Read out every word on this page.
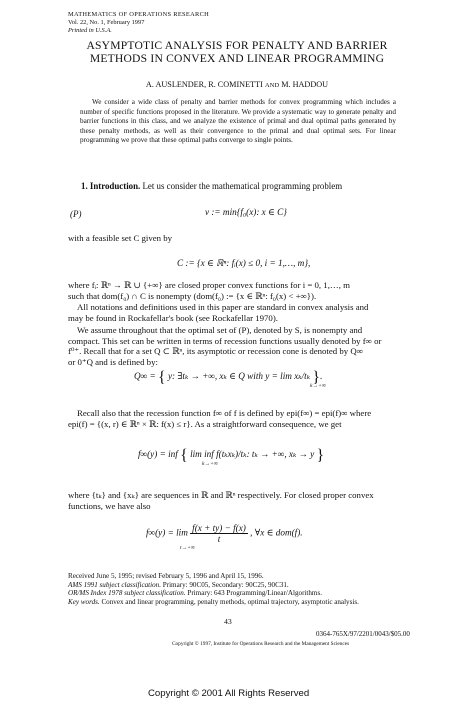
MATHEMATICS OF OPERATIONS RESEARCH
Vol. 22, No. 1, February 1997
Printed in U.S.A.
ASYMPTOTIC ANALYSIS FOR PENALTY AND BARRIER
METHODS IN CONVEX AND LINEAR PROGRAMMING
A. AUSLENDER, R. COMINETTI AND M. HADDOU
We consider a wide class of penalty and barrier methods for convex programming which includes a number of specific functions proposed in the literature. We provide a systematic way to generate penalty and barrier functions in this class, and we analyze the existence of primal and dual optimal paths generated by these penalty methods, as well as their convergence to the primal and dual optimal sets. For linear programming we prove that these optimal paths converge to single points.
1. Introduction. Let us consider the mathematical programming problem
(P)	v := min{f₀(x): x ∈ C}
with a feasible set C given by
C := {x ∈ ℝⁿ: fᵢ(x) ≤ 0, i = 1,…, m},
where fᵢ: ℝⁿ → ℝ ∪ {+∞} are closed proper convex functions for i = 0, 1,…, m
such that dom(f₀) ∩ C is nonempty (dom(f₀) := {x ∈ ℝⁿ: f₀(x) < +∞}).
All notations and definitions used in this paper are standard in convex analysis and
may be found in Rockafellar's book (see Rockafellar 1970).
We assume throughout that the optimal set of (P), denoted by S, is nonempty and
compact. This set can be written in terms of recession functions usually denoted by f∞ or
f⁰⁺. Recall that for a set Q ⊂ ℝⁿ, its asymptotic or recession cone is denoted by Q∞
or 0⁺Q and is defined by:
Q∞ = { y: ∃tₖ → +∞, xₖ ∈ Q with y = lim xₖ/tₖ }.
k→+∞
Recall also that the recession function f∞ of f is defined by epi(f∞) = epi(f)∞ where
epi(f) = {(x, r) ∈ ℝⁿ × ℝ: f(x) ≤ r}. As a straightforward consequence, we get
f∞(y) = inf { lim inf f(tₖxₖ)/tₖ: tₖ → +∞, xₖ → y }
k→+∞
where {tₖ} and {xₖ} are sequences in ℝ and ℝⁿ respectively. For closed proper convex
functions, we have also
$f\infty(y) = \lim \frac{f(x + ty) - f(x)}{t}$ , ∀x ∈ dom(f).
t→+∞
Received June 5, 1995; revised February 5, 1996 and April 15, 1996.
AMS 1991 subject classification. Primary: 90C05, Secondary: 90C25, 90C31.
OR/MS Index 1978 subject classification. Primary: 643 Programming/Linear/Algorithms.
Key words. Convex and linear programming, penalty methods, optimal trajectory, asymptotic analysis.
43
0364-765X/97/2201/0043/$05.00
Copyright © 1997, Institute for Operations Research and the Management Sciences
Copyright © 2001 All Rights Reserved
